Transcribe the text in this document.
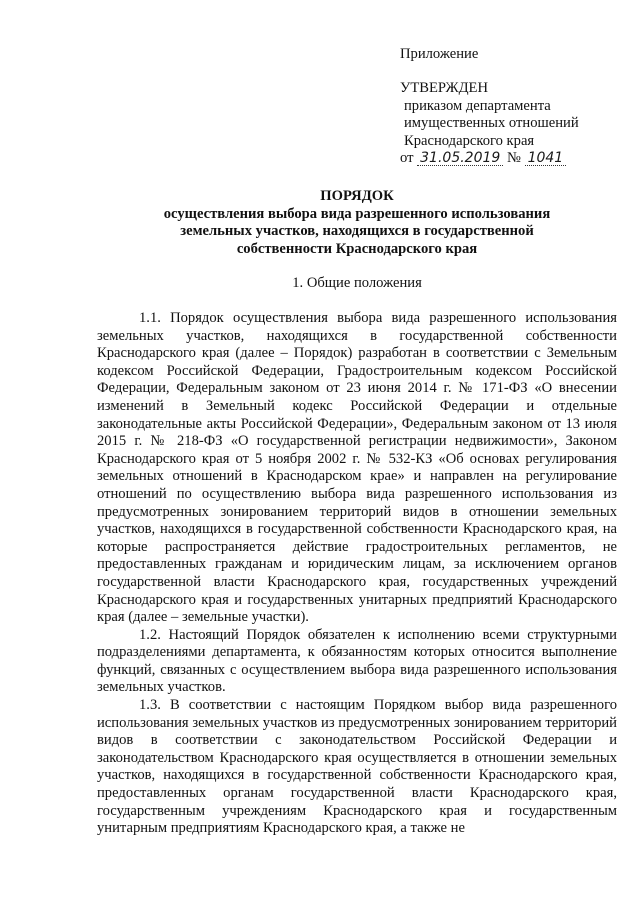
Приложение
УТВЕРЖДЕН
приказом департамента
имущественных отношений
Краснодарского края
от 31.05.2019 № 1041
ПОРЯДОК
осуществления выбора вида разрешенного использования
земельных участков, находящихся в государственной
собственности Краснодарского края
1. Общие положения

1.1. Порядок осуществления выбора вида разрешенного использования земельных участков, находящихся в государственной собственности Краснодарского края (далее – Порядок) разработан в соответствии с Земельным кодексом Российской Федерации, Градостроительным кодексом Российской Федерации, Федеральным законом от 23 июня 2014 г. № 171-ФЗ «О внесении изменений в Земельный кодекс Российской Федерации и отдельные законодательные акты Российской Федерации», Федеральным законом от 13 июля 2015 г. № 218-ФЗ «О государственной регистрации недвижимости», Законом Краснодарского края от 5 ноября 2002 г. № 532-КЗ «Об основах регулирования земельных отношений в Краснодарском крае» и направлен на регулирование отношений по осуществлению выбора вида разрешенного использования из предусмотренных зонированием территорий видов в отношении земельных участков, находящихся в государственной собственности Краснодарского края, на которые распространяется действие градостроительных регламентов, не предоставленных гражданам и юридическим лицам, за исключением органов государственной власти Краснодарского края, государственных учреждений Краснодарского края и государственных унитарных предприятий Краснодарского края (далее – земельные участки).

1.2. Настоящий Порядок обязателен к исполнению всеми структурными подразделениями департамента, к обязанностям которых относится выполнение функций, связанных с осуществлением выбора вида разрешенного использования земельных участков.

1.3. В соответствии с настоящим Порядком выбор вида разрешенного использования земельных участков из предусмотренных зонированием территорий видов в соответствии с законодательством Российской Федерации и законодательством Краснодарского края осуществляется в отношении земельных участков, находящихся в государственной собственности Краснодарского края, предоставленных органам государственной власти Краснодарского края, государственным учреждениям Краснодарского края и государственным унитарным предприятиям Краснодарского края, а также не
